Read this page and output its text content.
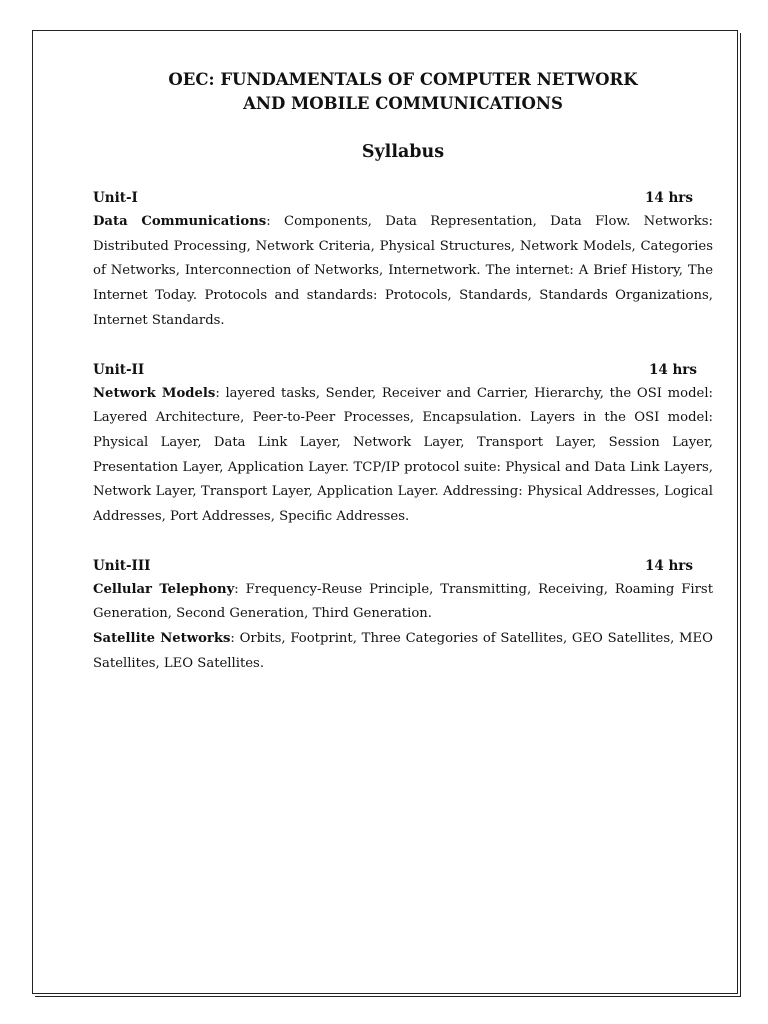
OEC: FUNDAMENTALS OF COMPUTER NETWORK
AND MOBILE COMMUNICATIONS
Syllabus
Unit-I	14 hrs

Data Communications: Components, Data Representation, Data Flow. Networks: Distributed Processing, Network Criteria, Physical Structures, Network Models, Categories of Networks, Interconnection of Networks, Internetwork. The internet: A Brief History, The Internet Today. Protocols and standards: Protocols, Standards, Standards Organizations, Internet Standards.

Unit-II	14 hrs

Network Models: layered tasks, Sender, Receiver and Carrier, Hierarchy, the OSI model: Layered Architecture, Peer-to-Peer Processes, Encapsulation. Layers in the OSI model: Physical Layer, Data Link Layer, Network Layer, Transport Layer, Session Layer, Presentation Layer, Application Layer. TCP/IP protocol suite: Physical and Data Link Layers, Network Layer, Transport Layer, Application Layer. Addressing: Physical Addresses, Logical Addresses, Port Addresses, Specific Addresses.

Unit-III	14 hrs

Cellular Telephony: Frequency-Reuse Principle, Transmitting, Receiving, Roaming First Generation, Second Generation, Third Generation.

Satellite Networks: Orbits, Footprint, Three Categories of Satellites, GEO Satellites, MEO Satellites, LEO Satellites.
